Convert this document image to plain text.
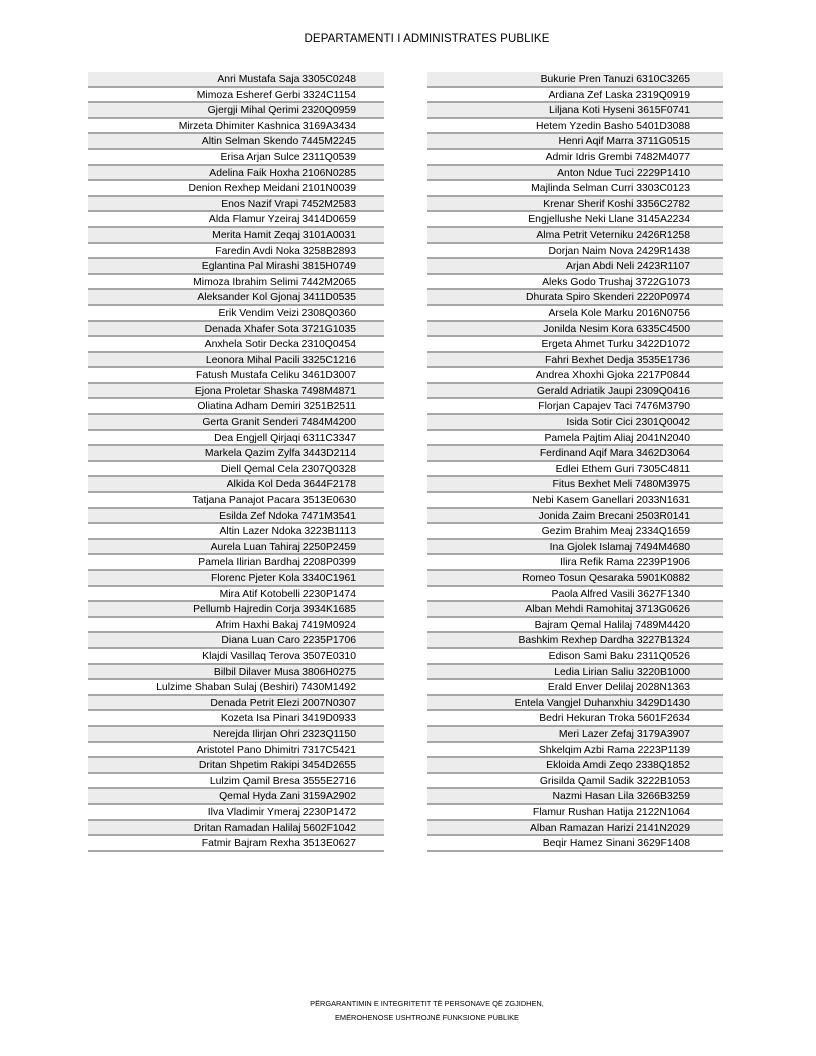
DEPARTAMENTI I ADMINISTRATES PUBLIKE
Anri Mustafa Saja 3305C0248
Mimoza Esheref Gerbi 3324C1154
Gjergji Mihal Qerimi 2320Q0959
Mirzeta Dhimiter Kashnica 3169A3434
Altin Selman Skendo 7445M2245
Erisa Arjan Sulce 2311Q0539
Adelina Faik Hoxha 2106N0285
Denion Rexhep Meidani 2101N0039
Enos Nazif Vrapi 7452M2583
Alda Flamur Yzeiraj 3414D0659
Merita Hamit Zeqaj 3101A0031
Faredin Avdi Noka 3258B2893
Eglantina Pal Mirashi 3815H0749
Mimoza Ibrahim Selimi 7442M2065
Aleksander Kol Gjonaj 3411D0535
Erik Vendim Veizi 2308Q0360
Denada Xhafer Sota 3721G1035
Anxhela Sotir Decka 2310Q0454
Leonora Mihal Pacili 3325C1216
Fatush Mustafa Celiku 3461D3007
Ejona Proletar Shaska 7498M4871
Oliatina Adham Demiri 3251B2511
Gerta Granit Senderi 7484M4200
Dea Engjell Qirjaqi 6311C3347
Markela Qazim Zylfa 3443D2114
Diell Qemal Cela 2307Q0328
Alkida Kol Deda 3644F2178
Tatjana Panajot Pacara 3513E0630
Esilda Zef Ndoka 7471M3541
Altin Lazer Ndoka 3223B1113
Aurela Luan Tahiraj 2250P2459
Pamela Ilirian Bardhaj 2208P0399
Florenc Pjeter Kola 3340C1961
Mira Atif Kotobelli 2230P1474
Pellumb Hajredin Corja 3934K1685
Afrim Haxhi Bakaj 7419M0924
Diana Luan Caro 2235P1706
Klajdi Vasillaq Terova 3507E0310
Bilbil Dilaver Musa 3806H0275
Lulzime Shaban Sulaj (Beshiri) 7430M1492
Denada Petrit Elezi 2007N0307
Kozeta Isa Pinari 3419D0933
Nerejda Ilirjan Ohri 2323Q1150
Aristotel Pano Dhimitri 7317C5421
Dritan Shpetim Rakipi 3454D2655
Lulzim Qamil Bresa 3555E2716
Qemal Hyda Zani 3159A2902
Ilva Vladimir Ymeraj 2230P1472
Dritan Ramadan Halilaj 5602F1042
Fatmir Bajram Rexha 3513E0627
Bukurie Pren Tanuzi 6310C3265
Ardiana Zef Laska 2319Q0919
Liljana Koti Hyseni 3615F0741
Hetem Yzedin Basho 5401D3088
Henri Aqif Marra 3711G0515
Admir Idris Grembi 7482M4077
Anton Ndue Tuci 2229P1410
Majlinda Selman Curri 3303C0123
Krenar Sherif Koshi 3356C2782
Engjellushe Neki Llane 3145A2234
Alma Petrit Veterniku 2426R1258
Dorjan Naim Nova 2429R1438
Arjan Abdi Neli 2423R1107
Aleks Godo Trushaj 3722G1073
Dhurata Spiro Skenderi 2220P0974
Arsela Kole Marku 2016N0756
Jonilda Nesim Kora 6335C4500
Ergeta Ahmet Turku 3422D1072
Fahri Bexhet Dedja 3535E1736
Andrea Xhoxhi Gjoka 2217P0844
Gerald Adriatik Jaupi 2309Q0416
Florjan Capajev Taci 7476M3790
Isida Sotir Cici 2301Q0042
Pamela Pajtim Aliaj 2041N2040
Ferdinand Aqif Mara 3462D3064
Edlei Ethem Guri 7305C4811
Fitus Bexhet Meli 7480M3975
Nebi Kasem Ganellari 2033N1631
Jonida Zaim Brecani 2503R0141
Gezim Brahim Meaj 2334Q1659
Ina Gjolek Islamaj 7494M4680
Ilira Refik Rama 2239P1906
Romeo Tosun Qesaraka 5901K0882
Paola Alfred Vasili 3627F1340
Alban Mehdi Ramohitaj 3713G0626
Bajram Qemal Halilaj 7489M4420
Bashkim Rexhep Dardha 3227B1324
Edison Sami Baku 2311Q0526
Ledia Lirian Saliu 3220B1000
Erald Enver Delilaj 2028N1363
Entela Vangjel Duhanxhiu 3429D1430
Bedri Hekuran Troka 5601F2634
Meri Lazer Zefaj 3179A3907
Shkelqim Azbi Rama 2223P1139
Ekloida Amdi Zeqo 2338Q1852
Grisilda Qamil Sadik 3222B1053
Nazmi Hasan Lila 3266B3259
Flamur Rushan Hatija 2122N1064
Alban Ramazan Harizi 2141N2029
Beqir Hamez Sinani 3629F1408
PËRGARANTIMIN E INTEGRITETIT TË PERSONAVE QË ZGJIDHEN,
EMËROHENOSE USHTROJNË FUNKSIONE PUBLIKE
